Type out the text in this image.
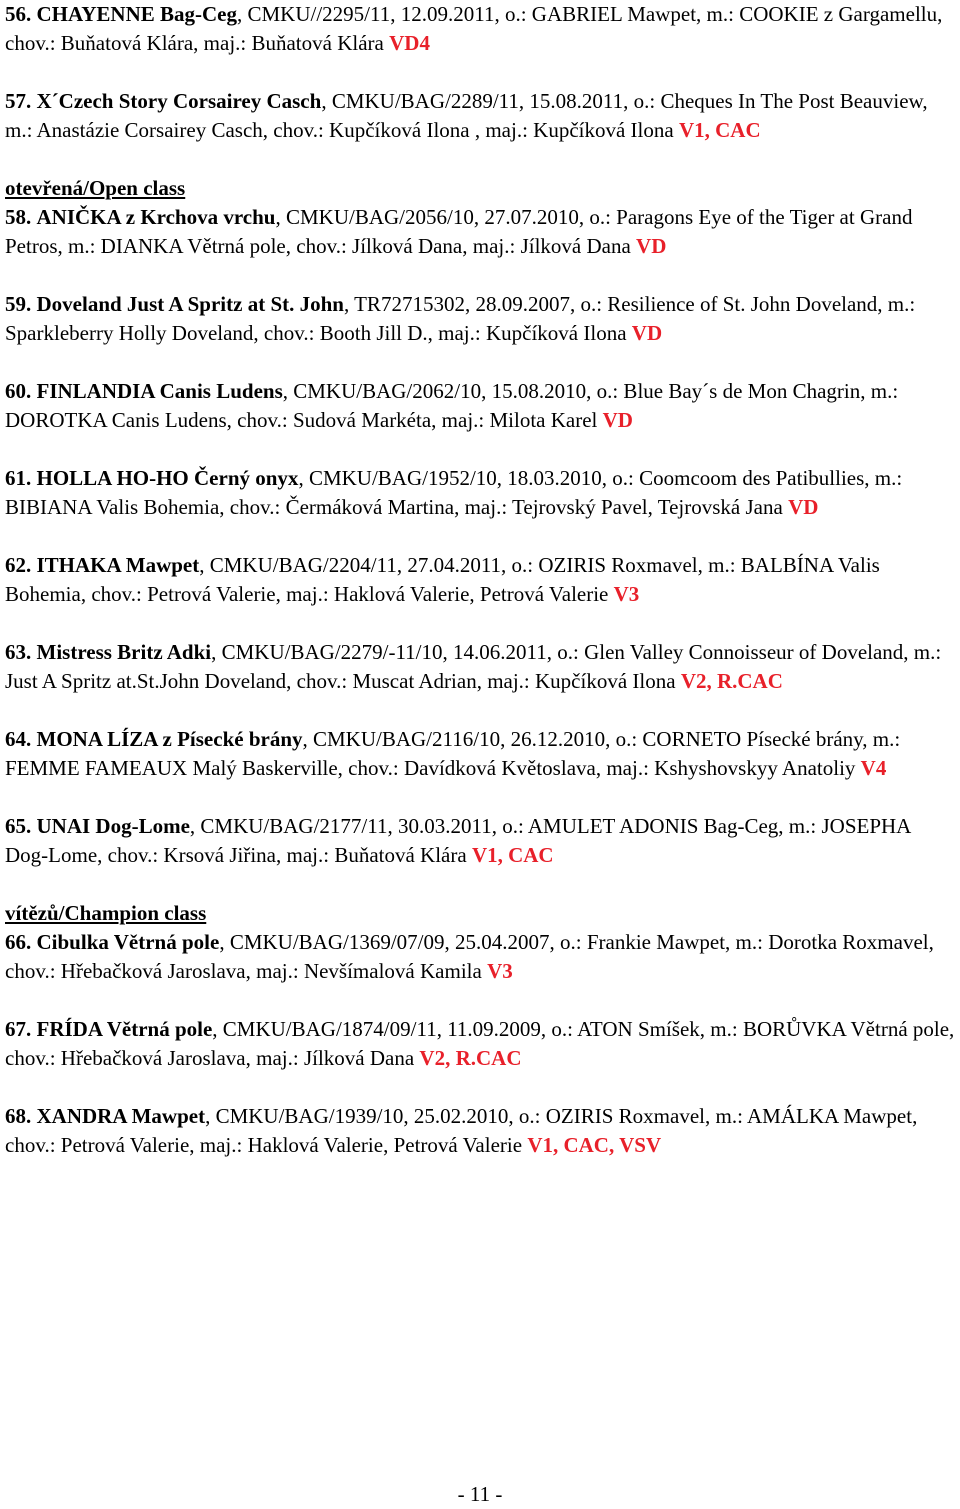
56. CHAYENNE Bag-Ceg, CMKU//2295/11, 12.09.2011, o.: GABRIEL Mawpet, m.: COOKIE z Gargamellu, chov.: Buňatová Klára, maj.: Buňatová Klára VD4

57. X´Czech Story Corsairey Casch, CMKU/BAG/2289/11, 15.08.2011, o.: Cheques In The Post Beauview, m.: Anastázie Corsairey Casch, chov.: Kupčíková Ilona , maj.: Kupčíková Ilona V1, CAC

otevřená/Open class

58. ANIČKA z Krchova vrchu, CMKU/BAG/2056/10, 27.07.2010, o.: Paragons Eye of the Tiger at Grand Petros, m.: DIANKA Větrná pole, chov.: Jílková Dana, maj.: Jílková Dana VD

59. Doveland Just A Spritz at St. John, TR72715302, 28.09.2007, o.: Resilience of St. John Doveland, m.: Sparkleberry Holly Doveland, chov.: Booth Jill D., maj.: Kupčíková Ilona VD

60. FINLANDIA Canis Ludens, CMKU/BAG/2062/10, 15.08.2010, o.: Blue Bay´s de Mon Chagrin, m.: DOROTKA Canis Ludens, chov.: Sudová Markéta, maj.: Milota Karel VD

61. HOLLA HO-HO Černý onyx, CMKU/BAG/1952/10, 18.03.2010, o.: Coomcoom des Patibullies, m.: BIBIANA Valis Bohemia, chov.: Čermáková Martina, maj.: Tejrovský Pavel, Tejrovská Jana VD

62. ITHAKA Mawpet, CMKU/BAG/2204/11, 27.04.2011, o.: OZIRIS Roxmavel, m.: BALBÍNA Valis Bohemia, chov.: Petrová Valerie, maj.: Haklová Valerie, Petrová Valerie V3

63. Mistress Britz Adki, CMKU/BAG/2279/-11/10, 14.06.2011, o.: Glen Valley Connoisseur of Doveland, m.: Just A Spritz at.St.John Doveland, chov.: Muscat Adrian, maj.: Kupčíková Ilona V2, R.CAC

64. MONA LÍZA z Písecké brány, CMKU/BAG/2116/10, 26.12.2010, o.: CORNETO Písecké brány, m.: FEMME FAMEAUX Malý Baskerville, chov.: Davídková Květoslava, maj.: Kshyshovskyy Anatoliy V4

65. UNAI Dog-Lome, CMKU/BAG/2177/11, 30.03.2011, o.: AMULET ADONIS Bag-Ceg, m.: JOSEPHA Dog-Lome, chov.: Krsová Jiřina, maj.: Buňatová Klára V1, CAC

vítězů/Champion class

66. Cibulka Větrná pole, CMKU/BAG/1369/07/09, 25.04.2007, o.: Frankie Mawpet, m.: Dorotka Roxmavel, chov.: Hřebačková Jaroslava, maj.: Nevšímalová Kamila V3

67. FRÍDA Větrná pole, CMKU/BAG/1874/09/11, 11.09.2009, o.: ATON Smíšek, m.: BORŮVKA Větrná pole, chov.: Hřebačková Jaroslava, maj.: Jílková Dana V2, R.CAC

68. XANDRA Mawpet, CMKU/BAG/1939/10, 25.02.2010, o.: OZIRIS Roxmavel, m.: AMÁLKA Mawpet, chov.: Petrová Valerie, maj.: Haklová Valerie, Petrová Valerie V1, CAC, VSV

- 11 -
